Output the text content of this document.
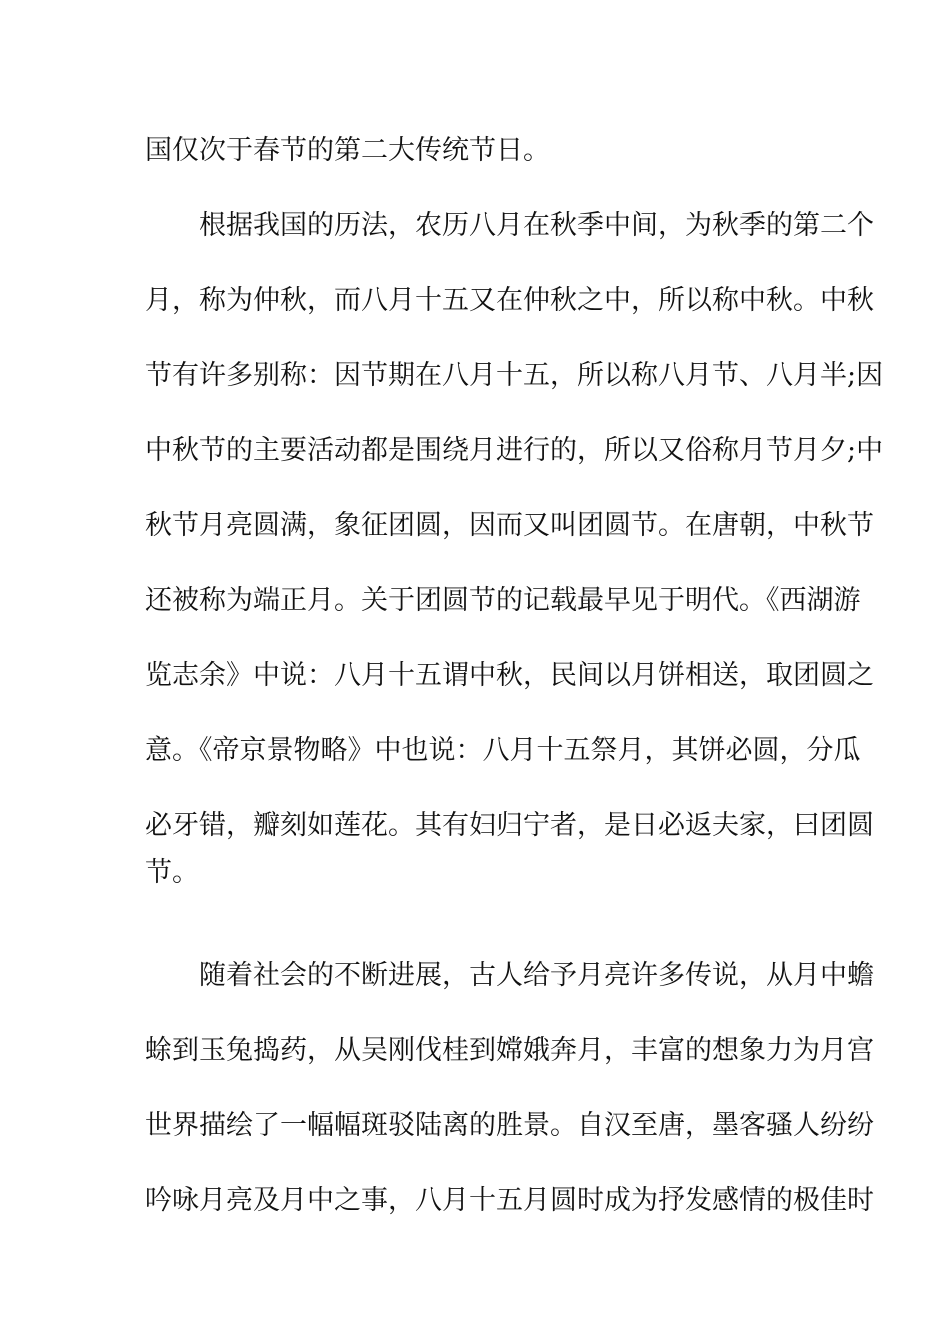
国仅次于春节的第二大传统节日。
　　根据我国的历法，农历八月在秋季中间，为秋季的第二个
月，称为仲秋，而八月十五又在仲秋之中，所以称中秋。中秋
节有许多别称：因节期在八月十五，所以称八月节、八月半;因
中秋节的主要活动都是围绕月进行的，所以又俗称月节月夕;中
秋节月亮圆满，象征团圆，因而又叫团圆节。在唐朝，中秋节
还被称为端正月。关于团圆节的记载最早见于明代。《西湖游
览志余》中说：八月十五谓中秋，民间以月饼相送，取团圆之
意。《帝京景物略》中也说：八月十五祭月，其饼必圆，分瓜
必牙错，瓣刻如莲花。其有妇归宁者，是日必返夫家，曰团圆
节。
　　随着社会的不断进展，古人给予月亮许多传说，从月中蟾
蜍到玉兔捣药，从吴刚伐桂到嫦娥奔月，丰富的想象力为月宫
世界描绘了一幅幅斑驳陆离的胜景。自汉至唐，墨客骚人纷纷
吟咏月亮及月中之事，八月十五月圆时成为抒发感情的极佳时
